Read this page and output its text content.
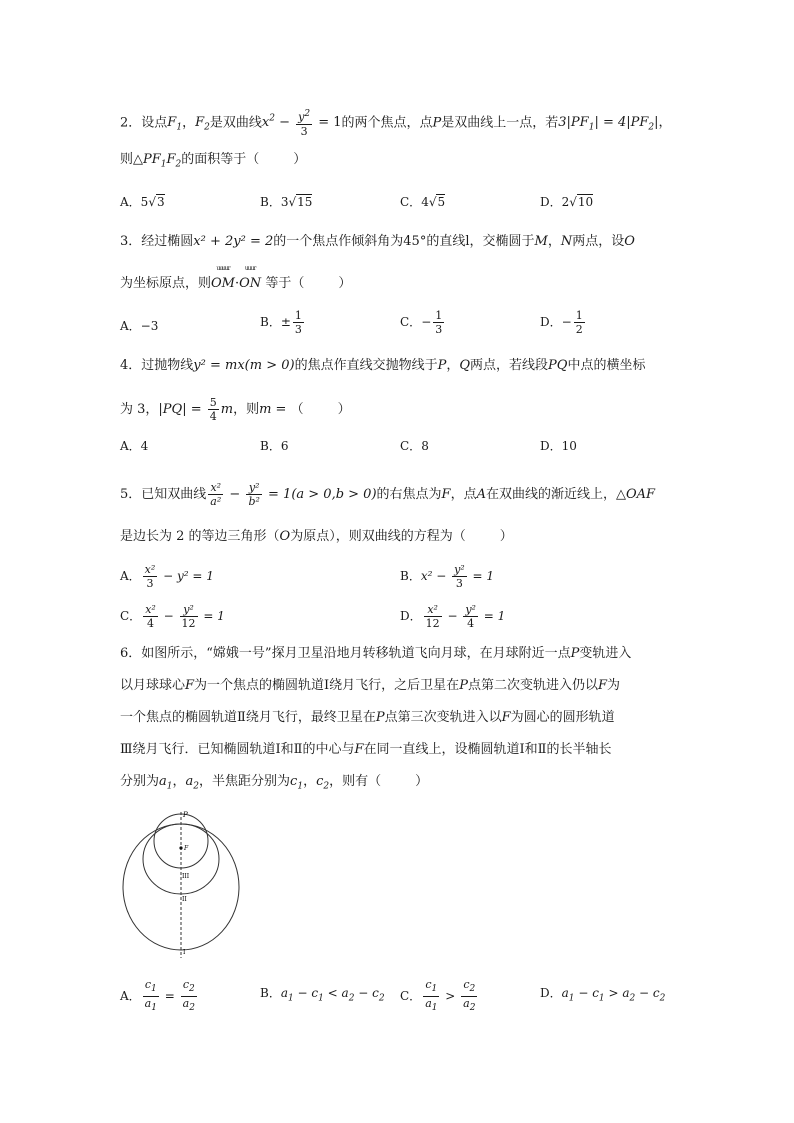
2．设点$F_1$，$F_2$是双曲线$x^2 - \frac{y^2}{3} = 1$的两个焦点，点P是双曲线上一点，若$3|PF_1| = 4|PF_2|$，
则$\triangle PF_1F_2$的面积等于（	）
A．5√3	B．3√15	C．4√5	D．2√10
3．经过椭圆x² + 2y² = 2的一个焦点作倾斜角为45°的直线l，交椭圆于M，N两点，设O
为坐标原点，则
uuuur
OM·
uuur
ON 等于（	）
A．−3	B．± $\frac{1}{3}$	C．− $\frac{1}{3}$	D．− $\frac{1}{2}$
4．过抛物线y² = mx(m > 0)的焦点作直线交抛物线于P，Q两点，若线段PQ中点的横坐标
为 3，$|PQ| = \frac{5}{4}$ m，则m = （	）
A．4	B．6	C．8	D．10
5．已知双曲线 $\frac{\text{x²}}{\text{a²}} - \frac{\text{y²}}{\text{b²}} = 1(a > 0,b > 0)$的右焦点为F，点A在双曲线的渐近线上，△OAF
是边长为 2 的等边三角形（O为原点），则双曲线的方程为（	）
A． $\frac{\text{x²}}{3} - y^2 = 1$	B．$x^2 - \frac{\text{y²}}{3} = 1$
C． $\frac{\text{x²}}{4} - \frac{\text{y²}}{12} = 1$	D． $\frac{\text{x²}}{12} - \frac{\text{y²}}{4} = 1$
6．如图所示，“嫦娥一号”探月卫星沿地月转移轨道飞向月球，在月球附近一点P变轨进入
以月球球心F为一个焦点的椭圆轨道Ⅰ绕月飞行，之后卫星在P点第二次变轨进入仍以F为
一个焦点的椭圆轨道Ⅱ绕月飞行，最终卫星在P点第三次变轨进入以F为圆心的圆形轨道
Ⅲ绕月飞行．已知椭圆轨道Ⅰ和Ⅱ的中心与F在同一直线上，设椭圆轨道Ⅰ和Ⅱ的长半轴长
分别为$a_1$，$a_2$，半焦距分别为$c_1$，$c_2$，则有（	）
P
F
III
II
I
A． $\frac{c_1}{a_1} = \frac{c_2}{a_2}$	B．$a_1 - c_1 < a_2 - c_2$ C． $\frac{c_1}{a_1} > \frac{c_2}{a_2}$	D．$a_1 - c_1 > a_2 - c_2$
